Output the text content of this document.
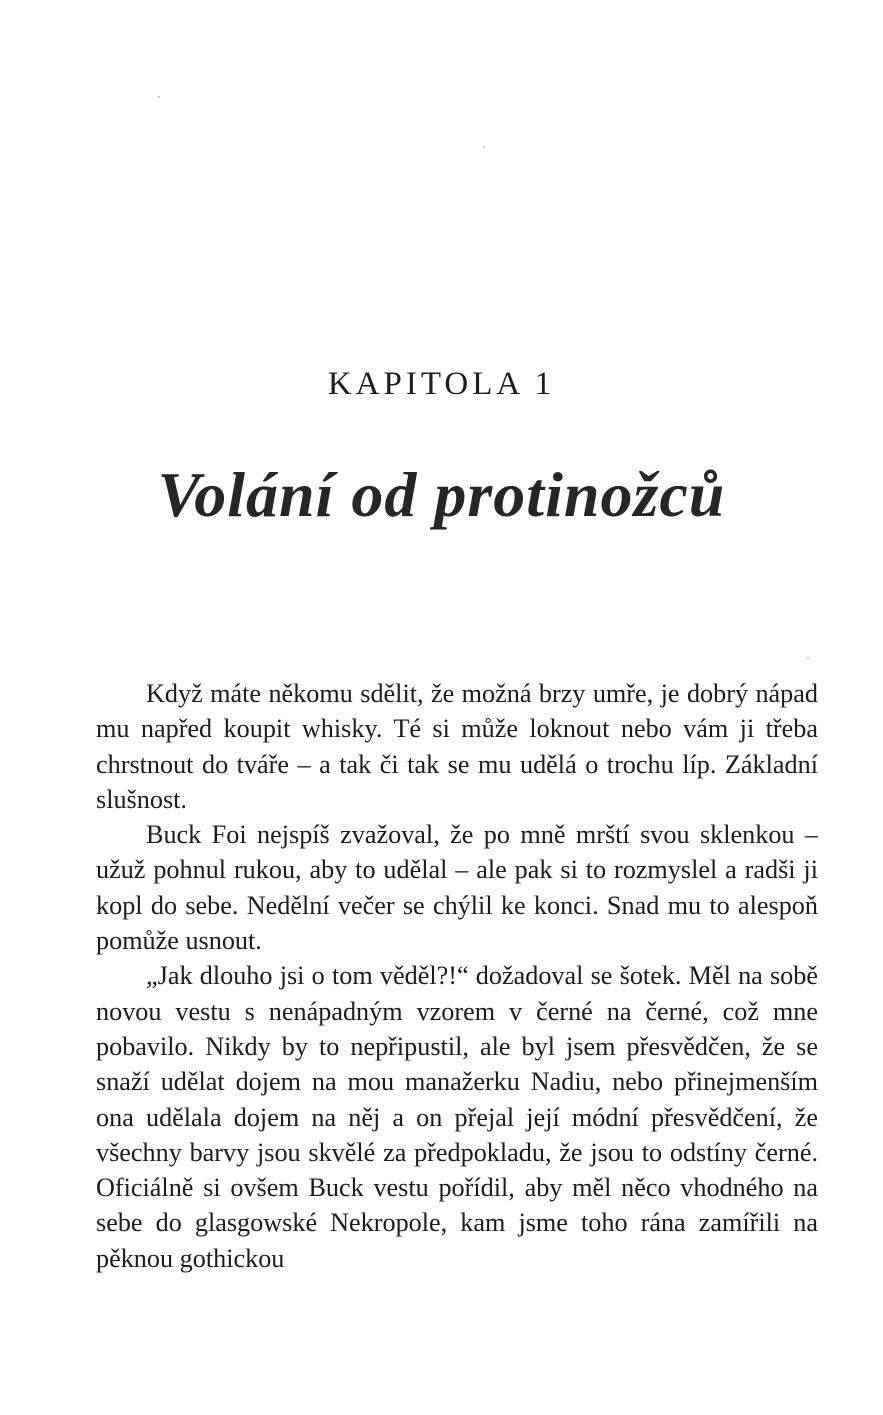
KAPITOLA 1
Volání od protinožců

Když máte někomu sdělit, že možná brzy umře, je dobrý nápad mu napřed koupit whisky. Té si může loknout nebo vám ji třeba chrstnout do tváře – a tak či tak se mu udělá o trochu líp. Základní slušnost.

Buck Foi nejspíš zvažoval, že po mně mrští svou sklenkou – užuž pohnul rukou, aby to udělal – ale pak si to rozmyslel a radši ji kopl do sebe. Nedělní večer se chýlil ke konci. Snad mu to alespoň pomůže usnout.

„Jak dlouho jsi o tom věděl?!“ dožadoval se šotek. Měl na sobě novou vestu s nenápadným vzorem v černé na černé, což mne pobavilo. Nikdy by to nepřipustil, ale byl jsem přesvědčen, že se snaží udělat dojem na mou manažerku Nadiu, nebo přinejmenším ona udělala dojem na něj a on přejal její módní přesvědčení, že všechny barvy jsou skvělé za předpokladu, že jsou to odstíny černé. Oficiálně si ovšem Buck vestu pořídil, aby měl něco vhodného na sebe do glasgowské Nekropole, kam jsme toho rána zamířili na pěknou gothickou
